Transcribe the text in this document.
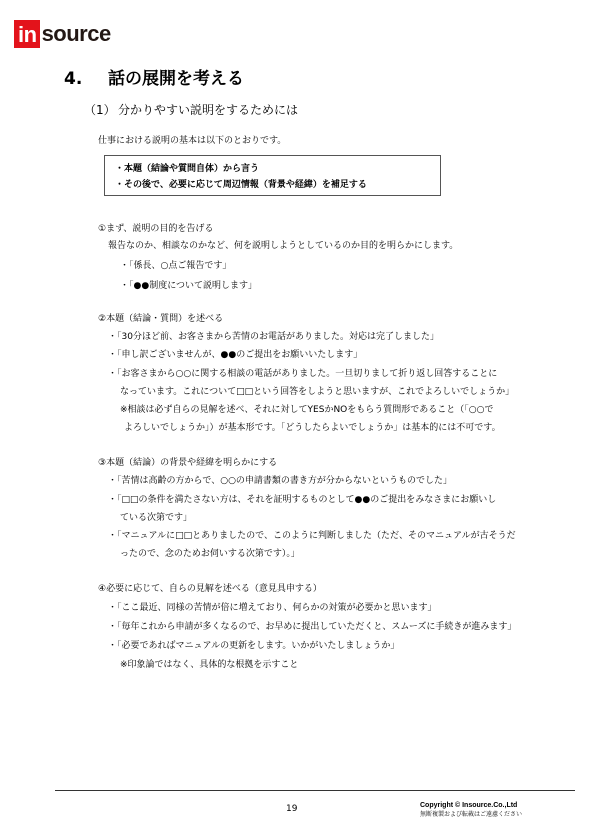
in source
4. 話の展開を考える
（1） 分かりやすい説明をするためには
仕事における説明の基本は以下のとおりです。
・本題（結論や質問自体）から言う
・その後で、必要に応じて周辺情報（背景や経緯）を補足する
①まず、説明の目的を告げる
報告なのか、相談なのかなど、何を説明しようとしているのか目的を明らかにします。
・「係長、○点ご報告です」
・「●●制度について説明します」
②本題（結論・質問）を述べる
・「30分ほど前、お客さまから苦情のお電話がありました。対応は完了しました」
・「申し訳ございませんが、●●のご提出をお願いいたします」
・「お客さまから○○に関する相談の電話がありました。一旦切りまして折り返し回答することに
なっています。これについて□□という回答をしようと思いますが、これでよろしいでしょうか」
※相談は必ず自らの見解を述べ、それに対してYESかNOをもらう質問形であること（「○○で
よろしいでしょうか」）が基本形です。「どうしたらよいでしょうか」は基本的には不可です。
③本題（結論）の背景や経緯を明らかにする
・「苦情は高齢の方からで、○○の申請書類の書き方が分からないというものでした」
・「□□の条件を満たさない方は、それを証明するものとして●●のご提出をみなさまにお願いし
ている次第です」
・「マニュアルに□□とありましたので、このように判断しました（ただ、そのマニュアルが古そうだ
ったので、念のためお伺いする次第です）。」
④必要に応じて、自らの見解を述べる（意見具申する）
・「ここ最近、同様の苦情が倍に増えており、何らかの対策が必要かと思います」
・「毎年これから申請が多くなるので、お早めに提出していただくと、スムーズに手続きが進みます」
・「必要であればマニュアルの更新をします。いかがいたしましょうか」
※印象論ではなく、具体的な根拠を示すこと
19	Copyright © Insource.Co.,Ltd
無断複製および転載はご遠慮ください
